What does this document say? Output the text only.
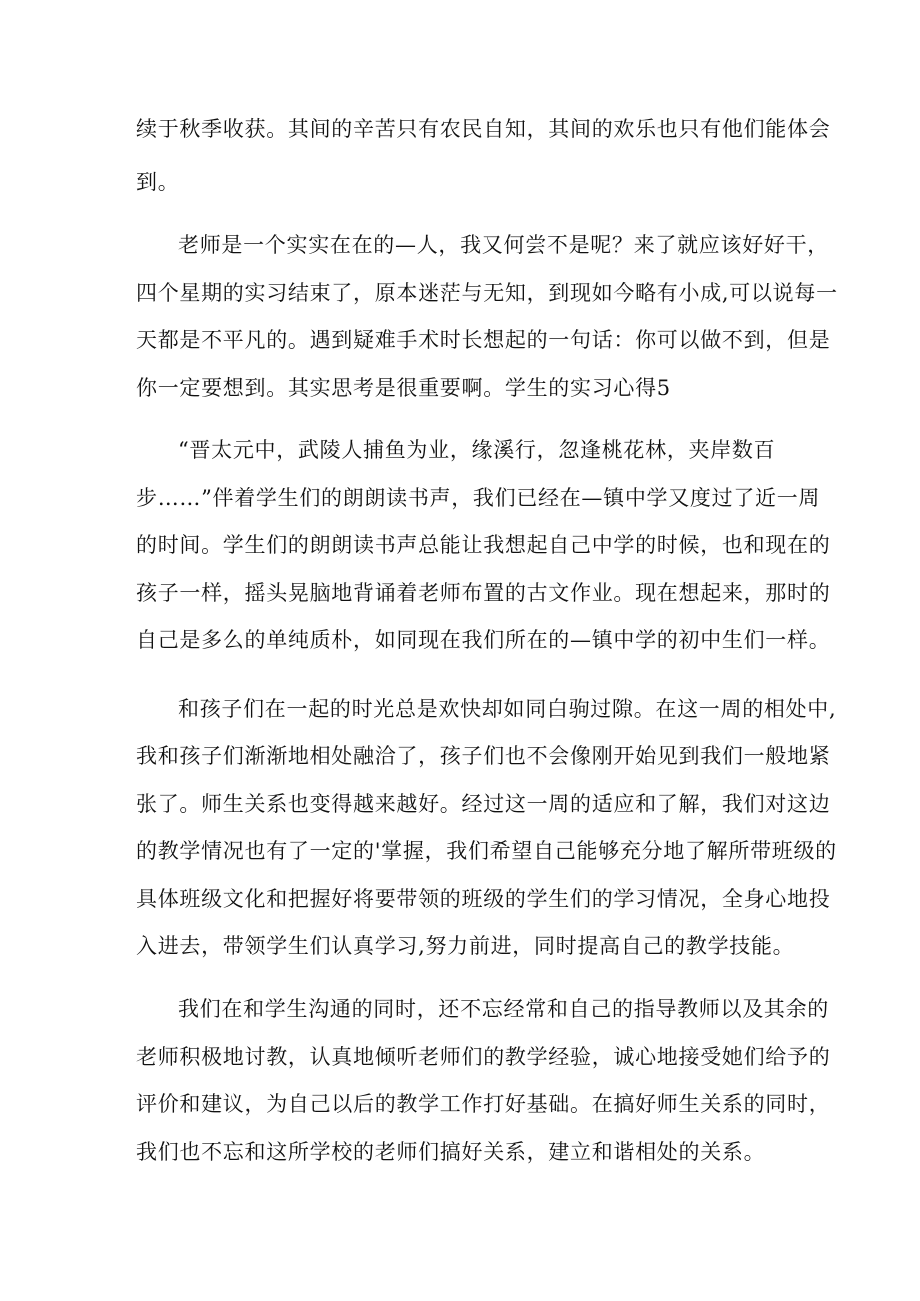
续于秋季收获。其间的辛苦只有农民自知，其间的欢乐也只有他们能体会
到。
老师是一个实实在在的—人，我又何尝不是呢？来了就应该好好干，
四个星期的实习结束了，原本迷茫与无知，到现如今略有小成,可以说每一
天都是不平凡的。遇到疑难手术时长想起的一句话：你可以做不到，但是
你一定要想到。其实思考是很重要啊。学生的实习心得5
“晋太元中，武陵人捕鱼为业，缘溪行，忽逢桃花林，夹岸数百
步……”伴着学生们的朗朗读书声，我们已经在—镇中学又度过了近一周
的时间。学生们的朗朗读书声总能让我想起自己中学的时候，也和现在的
孩子一样，摇头晃脑地背诵着老师布置的古文作业。现在想起来，那时的
自己是多么的单纯质朴，如同现在我们所在的—镇中学的初中生们一样。
和孩子们在一起的时光总是欢快却如同白驹过隙。在这一周的相处中,
我和孩子们渐渐地相处融洽了，孩子们也不会像刚开始见到我们一般地紧
张了。师生关系也变得越来越好。经过这一周的适应和了解，我们对这边
的教学情况也有了一定的'掌握，我们希望自己能够充分地了解所带班级的
具体班级文化和把握好将要带领的班级的学生们的学习情况，全身心地投
入进去，带领学生们认真学习,努力前进，同时提高自己的教学技能。
我们在和学生沟通的同时，还不忘经常和自己的指导教师以及其余的
老师积极地讨教，认真地倾听老师们的教学经验，诚心地接受她们给予的
评价和建议，为自己以后的教学工作打好基础。在搞好师生关系的同时，
我们也不忘和这所学校的老师们搞好关系，建立和谐相处的关系。
